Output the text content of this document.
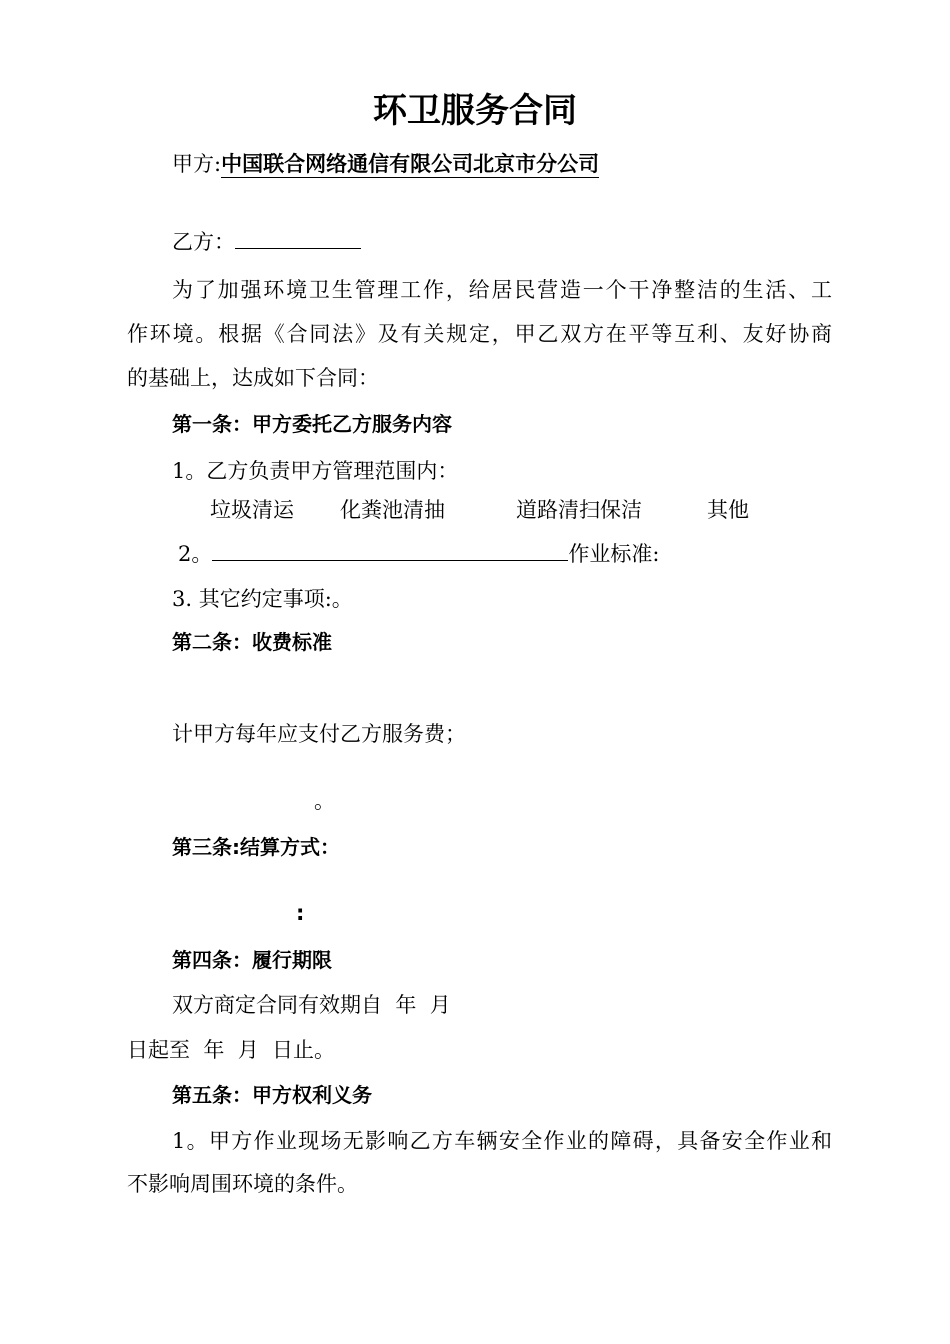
环卫服务合同
甲方:中国联合网络通信有限公司北京市分公司
乙方：
为了加强环境卫生管理工作，给居民营造一个干净整洁的生活、工
作环境。根据《合同法》及有关规定，甲乙双方在平等互利、友好协商
的基础上，达成如下合同：
第一条：甲方委托乙方服务内容
1。乙方负责甲方管理范围内：
垃圾清运 化粪池清抽	道路清扫保洁	其他
2。	作业标准:
3. 其它约定事项:。
第二条：收费标准
计甲方每年应支付乙方服务费；
。
第三条:结算方式：
:
第四条：履行期限
双方商定合同有效期自  年  月
日起至  年  月  日止。
第五条：甲方权利义务
1。甲方作业现场无影响乙方车辆安全作业的障碍，具备安全作业和
不影响周围环境的条件。
